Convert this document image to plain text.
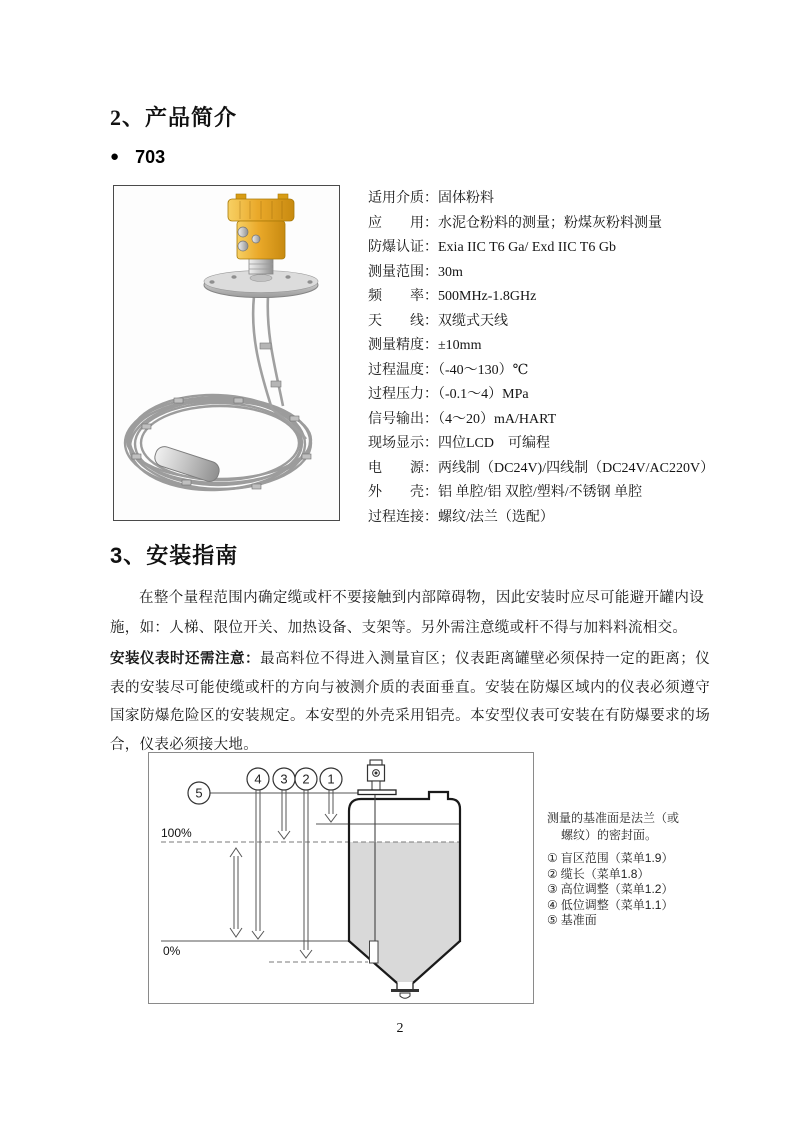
2、产品简介
● 703
适用介质：固体粉料
应　　用：水泥仓粉料的测量；粉煤灰粉料测量
防爆认证：Exia IIC T6 Ga/ Exd IIC T6 Gb
测量范围：30m
频　　率：500MHz-1.8GHz
天　　线：双缆式天线
测量精度：±10mm
过程温度：（-40～130）℃
过程压力：（-0.1～4）MPa
信号输出：（4～20）mA/HART
现场显示：四位LCD　可编程
电　　源：两线制（DC24V)/四线制（DC24V/AC220V）
外　　壳：铝 单腔/铝 双腔/塑料/不锈钢 单腔
过程连接：螺纹/法兰（选配）
3、安装指南
在整个量程范围内确定缆或杆不要接触到内部障碍物，因此安装时应尽可能避开罐内设施，如：人梯、限位开关、加热设备、支架等。另外需注意缆或杆不得与加料料流相交。
安装仪表时还需注意：最高料位不得进入测量盲区；仪表距离罐壁必须保持一定的距离；仪表的安装尽可能使缆或杆的方向与被测介质的表面垂直。安装在防爆区域内的仪表必须遵守国家防爆危险区的安装规定。本安型的外壳采用铝壳。本安型仪表可安装在有防爆要求的场合，仪表必须接大地。
5
4 3 2 1
100%
0%
测量的基准面是法兰（或
螺纹）的密封面。
① 盲区范围（菜单1.9）
② 缆长（菜单1.8）
③ 高位调整（菜单1.2）
④ 低位调整（菜单1.1）
⑤ 基准面
2
